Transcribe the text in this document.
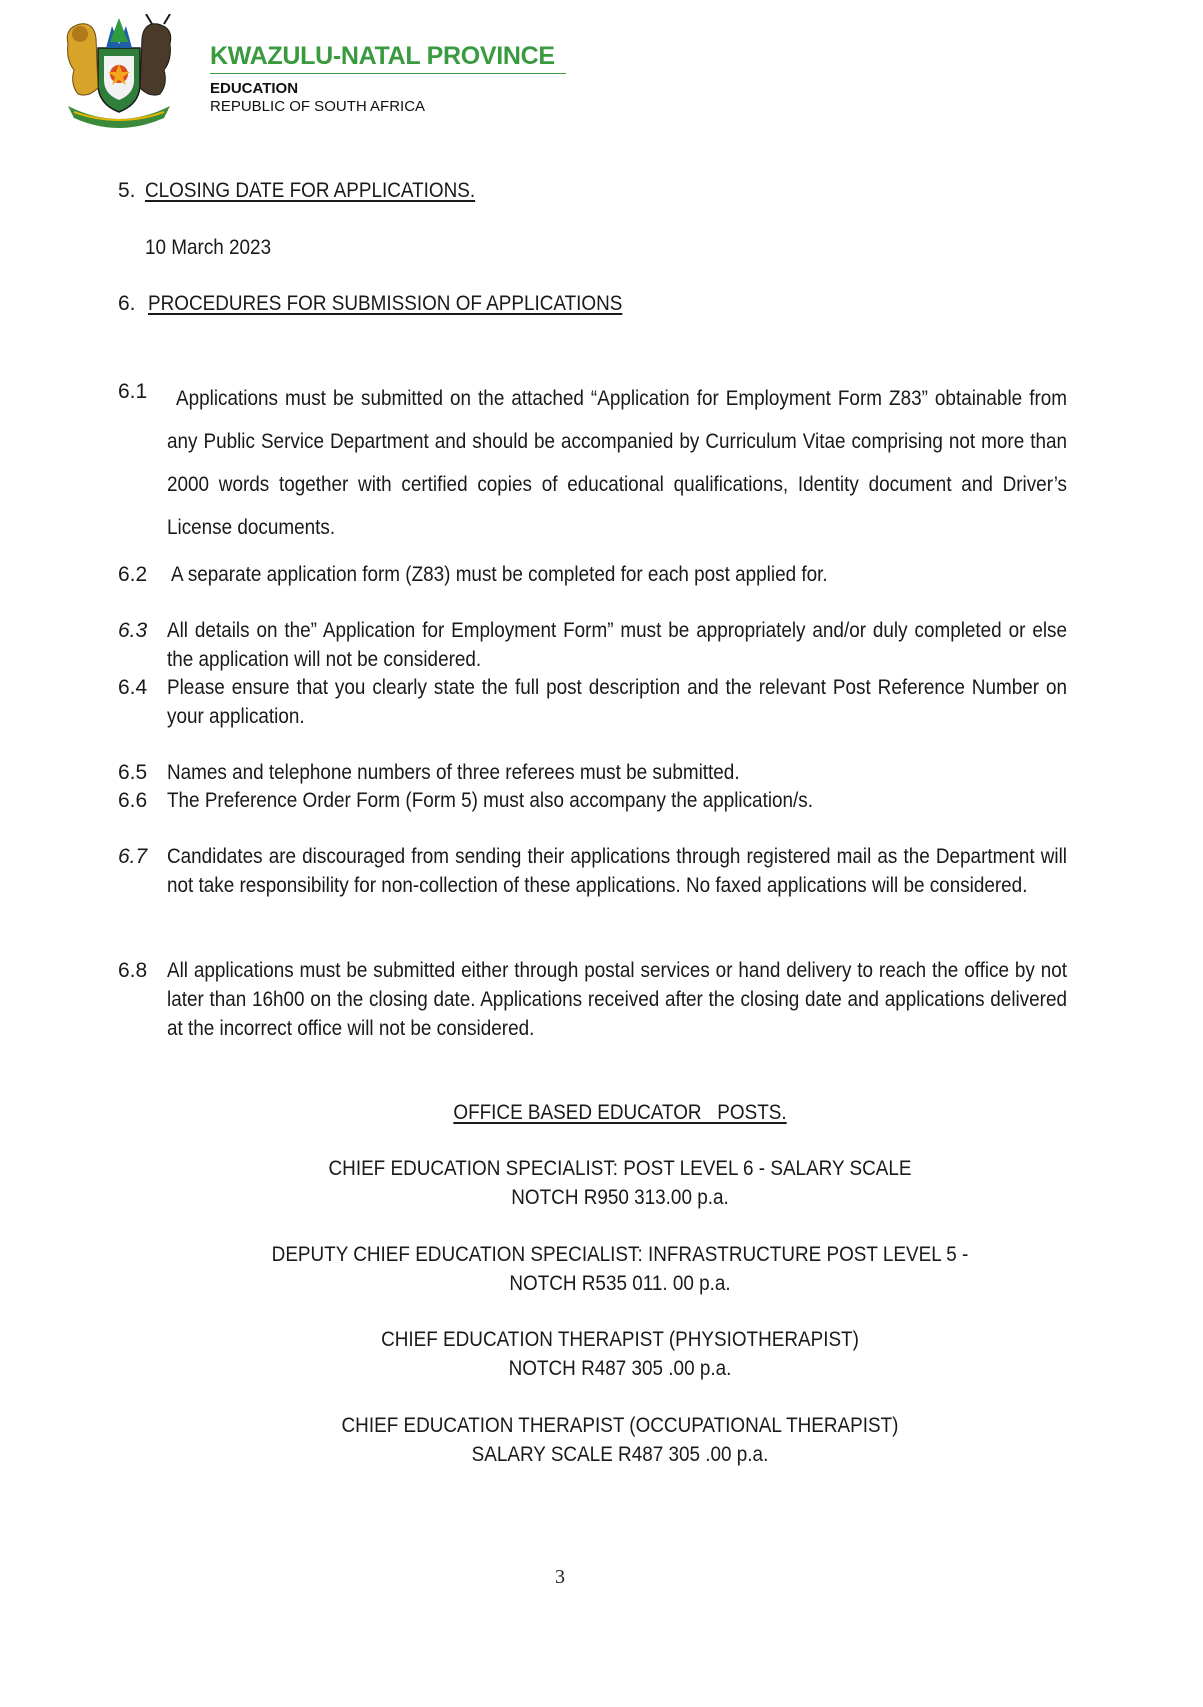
KWAZULU-NATAL PROVINCE
EDUCATION
REPUBLIC OF SOUTH AFRICA
5. CLOSING DATE FOR APPLICATIONS.
10 March 2023
6. PROCEDURES FOR SUBMISSION OF APPLICATIONS
6.1	Applications must be submitted on the attached “Application for Employment Form Z83” obtainable from any Public Service Department and should be accompanied by Curriculum Vitae comprising not more than 2000 words together with certified copies of educational qualifications, Identity document and Driver’s License documents.
6.2 A separate application form (Z83) must be completed for each post applied for.
6.3 All details on the” Application for Employment Form” must be appropriately and/or duly completed or else the application will not be considered.
6.4 Please ensure that you clearly state the full post description and the relevant Post Reference Number on your application.
6.5 Names and telephone numbers of three referees must be submitted.
6.6 The Preference Order Form (Form 5) must also accompany the application/s.
6.7 Candidates are discouraged from sending their applications through registered mail as the Department will not take responsibility for non-collection of these applications. No faxed applications will be considered.
6.8 All applications must be submitted either through postal services or hand delivery to reach the office by not later than 16h00 on the closing date. Applications received after the closing date and applications delivered at the incorrect office will not be considered.
OFFICE BASED EDUCATOR   POSTS.
CHIEF EDUCATION SPECIALIST: POST LEVEL 6 - SALARY SCALE
NOTCH R950 313.00 p.a.
DEPUTY CHIEF EDUCATION SPECIALIST: INFRASTRUCTURE POST LEVEL 5 -
NOTCH R535 011. 00 p.a.
CHIEF EDUCATION THERAPIST (PHYSIOTHERAPIST)
NOTCH R487 305 .00 p.a.
CHIEF EDUCATION THERAPIST (OCCUPATIONAL THERAPIST)
SALARY SCALE R487 305 .00 p.a.
3
